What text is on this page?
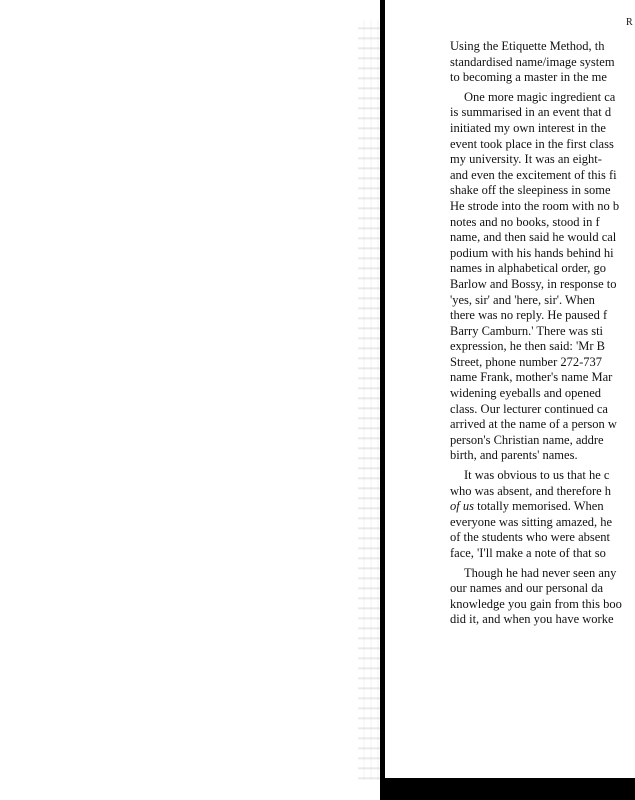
R

Using the Etiquette Method, th
standardised name/image system
to becoming a master in the me

One more magic ingredient ca
is summarised in an event that d
initiated my own interest in the
event took place in the first class
my university. It was an eight-
and even the excitement of this fi
shake off the sleepiness in some
He strode into the room with no b
notes and no books, stood in f
name, and then said he would cal
podium with his hands behind hi
names in alphabetical order, go
Barlow and Bossy, in response to
'yes, sir' and 'here, sir'. When
there was no reply. He paused f
Barry Camburn.' There was sti
expression, he then said: 'Mr B
Street, phone number 272-737
name Frank, mother's name Mar
widening eyeballs and opened
class. Our lecturer continued ca
arrived at the name of a person w
person's Christian name, addre
birth, and parents' names.

It was obvious to us that he c
who was absent, and therefore h
of us totally memorised. When
everyone was sitting amazed, he
of the students who were absent
face, 'I'll make a note of that so

Though he had never seen any
our names and our personal da
knowledge you gain from this boo
did it, and when you have worke
